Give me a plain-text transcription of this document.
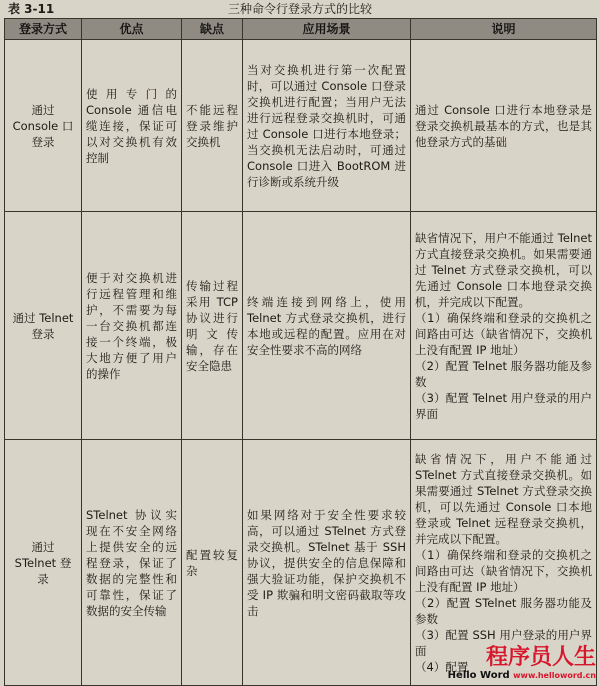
表 3-11	三种命令行登录方式的比较
登录方式	优点	缺点	应用场景	说明
通过 Console 口登录	使用专门的 Console 通信电缆连接，保证可以对交换机有效控制	不能远程登录维护交换机	当对交换机进行第一次配置时，可以通过 Console 口登录交换机进行配置；当用户无法进行远程登录交换机时，可通过 Console 口进行本地登录；当交换机无法启动时，可通过 Console 口进入 BootROM 进行诊断或系统升级	通过 Console 口进行本地登录是登录交换机最基本的方式，也是其他登录方式的基础

通过 Telnet 登录	便于对交换机进行远程管理和维护，不需要为每一台交换机都连接一个终端，极大地方便了用户的操作	传输过程采用 TCP 协议进行明文传输，存在安全隐患	终端连接到网络上，使用 Telnet 方式登录交换机，进行本地或远程的配置。应用在对安全性要求不高的网络	缺省情况下，用户不能通过 Telnet 方式直接登录交换机。如果需要通过 Telnet 方式登录交换机，可以先通过 Console 口本地登录交换机，并完成以下配置。
（1）确保终端和登录的交换机之间路由可达（缺省情况下，交换机上没有配置 IP 地址）
（2）配置 Telnet 服务器功能及参数
（3）配置 Telnet 用户登录的用户界面

通过 STelnet 登录	STelnet 协议实现在不安全网络上提供安全的远程登录，保证了数据的完整性和可靠性，保证了数据的安全传输	配置较复杂	如果网络对于安全性要求较高，可以通过 STelnet 方式登录交换机。STelnet 基于 SSH 协议，提供安全的信息保障和强大验证功能，保护交换机不受 IP 欺骗和明文密码截取等攻击	缺省情况下，用户不能通过 STelnet 方式直接登录交换机。如果需要通过 STelnet 方式登录交换机，可以先通过 Console 口本地登录或 Telnet 远程登录交换机，并完成以下配置。
（1）确保终端和登录的交换机之间路由可达（缺省情况下，交换机上没有配置 IP 地址）
（2）配置 STelnet 服务器功能及参数
（3）配置 SSH 用户登录的用户界面
（4）配置 程序员人生
Hello Word www.helloword.cn
